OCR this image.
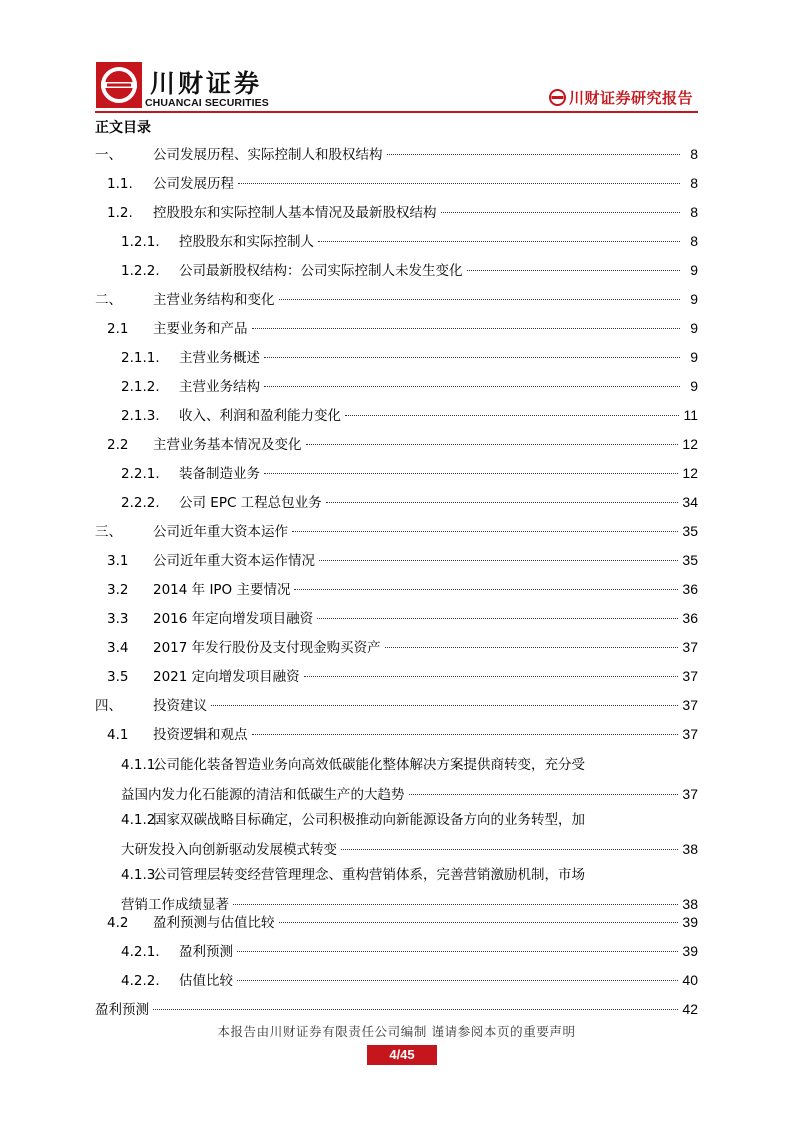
川财证券
CHUANCAI SECURITIES	川财证券研究报告
正文目录
一、	公司发展历程、实际控制人和股权结构	8
1.1.	公司发展历程	8
1.2.	控股股东和实际控制人基本情况及最新股权结构	8
1.2.1.	控股股东和实际控制人	8
1.2.2.	公司最新股权结构：公司实际控制人未发生变化	9
二、	主营业务结构和变化	9
2.1	主要业务和产品	9
2.1.1.	主营业务概述	9
2.1.2.	主营业务结构	9
2.1.3.	收入、利润和盈利能力变化	11
2.2	主营业务基本情况及变化	12
2.2.1.	装备制造业务	12
2.2.2.	公司 EPC 工程总包业务	34
三、	公司近年重大资本运作	35
3.1	公司近年重大资本运作情况	35
3.2	2014 年 IPO 主要情况	36
3.3	2016 年定向增发项目融资	36
3.4	2017 年发行股份及支付现金购买资产	37
3.5	2021 定向增发项目融资	37
四、	投资建议	37
4.1	投资逻辑和观点	37
4.1.1.公司能化装备智造业务向高效低碳能化整体解决方案提供商转变，充分受
益国内发力化石能源的清洁和低碳生产的大趋势	37
4.1.2.国家双碳战略目标确定，公司积极推动向新能源设备方向的业务转型，加
大研发投入向创新驱动发展模式转变	38
4.1.3.公司管理层转变经营管理理念、重构营销体系，完善营销激励机制，市场
营销工作成绩显著	38
4.2	盈利预测与估值比较	39
4.2.1.	盈利预测	39
4.2.2.	估值比较	40
盈利预测	42
本报告由川财证券有限责任公司编制 谨请参阅本页的重要声明
4/45
